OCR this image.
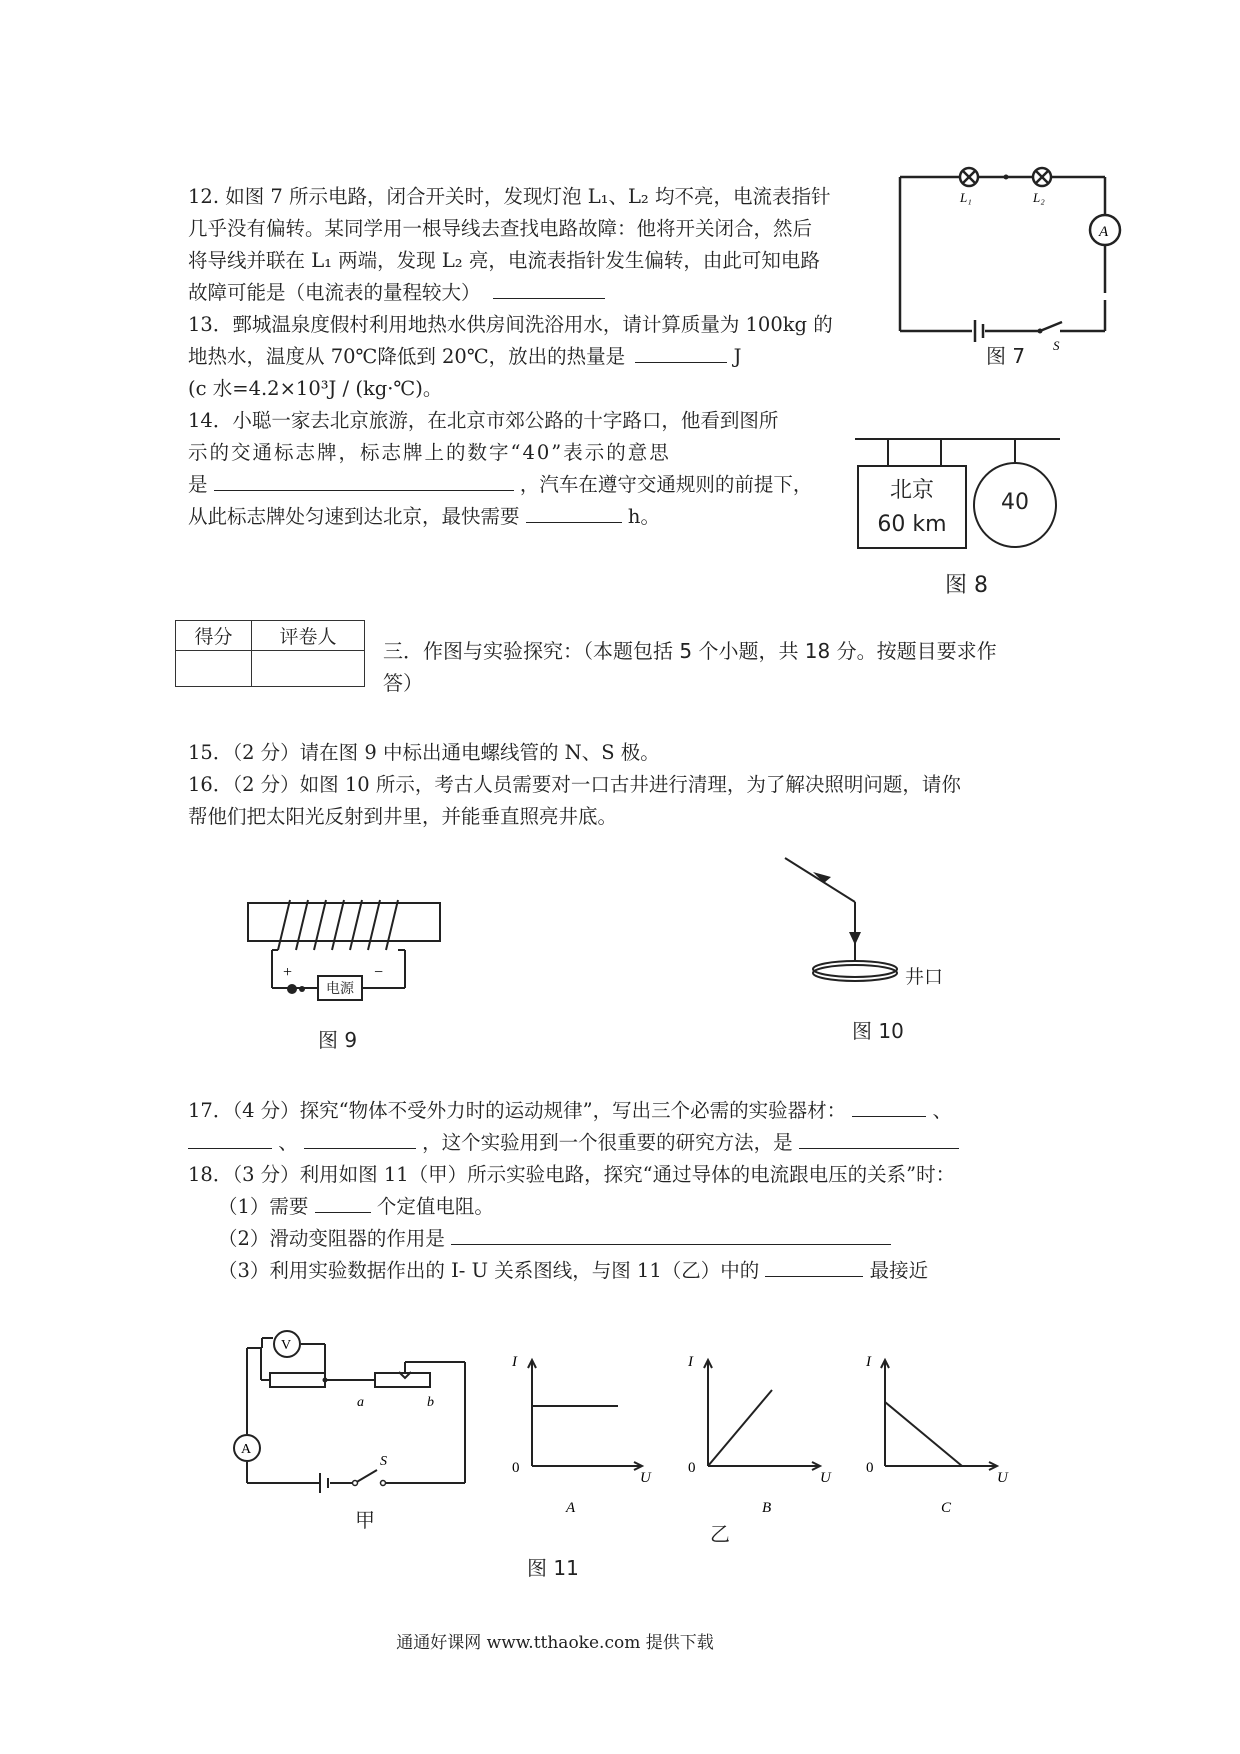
12. 如图 7 所示电路，闭合开关时，发现灯泡 L₁、L₂ 均不亮，电流表指针
几乎没有偏转。某同学用一根导线去查找电路故障：他将开关闭合，然后
将导线并联在 L₁ 两端，发现 L₂ 亮，电流表指针发生偏转，由此可知电路
故障可能是（电流表的量程较大）
13．鄄城温泉度假村利用地热水供房间洗浴用水，请计算质量为 100kg 的
地热水，温度从 70℃降低到 20℃，放出的热量是	J
(c 水=4.2×10³J / (kg·℃)。
14．小聪一家去北京旅游，在北京市郊公路的十字路口，他看到图所
示的交通标志牌，标志牌上的数字“40”表示的意思
是	，汽车在遵守交通规则的前提下，
从此标志牌处匀速到达北京，最快需要	h。
L₁	L₂
A
S
图 7
北京
60 km
40
图 8
得分	评卷人

三．作图与实验探究：（本题包括 5 个小题，共 18 分。按题目要求作
答）
15．（2 分）请在图 9 中标出通电螺线管的 N、S 极。
16．（2 分）如图 10 所示，考古人员需要对一口古井进行清理，为了解决照明问题，请你
帮他们把太阳光反射到井里，并能垂直照亮井底。
+	−
电源
图 9
井口
图 10
17．（4 分）探究“物体不受外力时的运动规律”，写出三个必需的实验器材：	、
、	，这个实验用到一个很重要的研究方法，是
18．（3 分）利用如图 11（甲）所示实验电路，探究“通过导体的电流跟电压的关系”时：
（1）需要	个定值电阻。
（2）滑动变阻器的作用是
（3）利用实验数据作出的 I- U 关系图线，与图 11（乙）中的	最接近
V
A
a	b
S
甲
I
0
U
I
0
U
I
0
U
A	B	C
乙
图 11
通通好课网 www.tthaoke.com 提供下载
